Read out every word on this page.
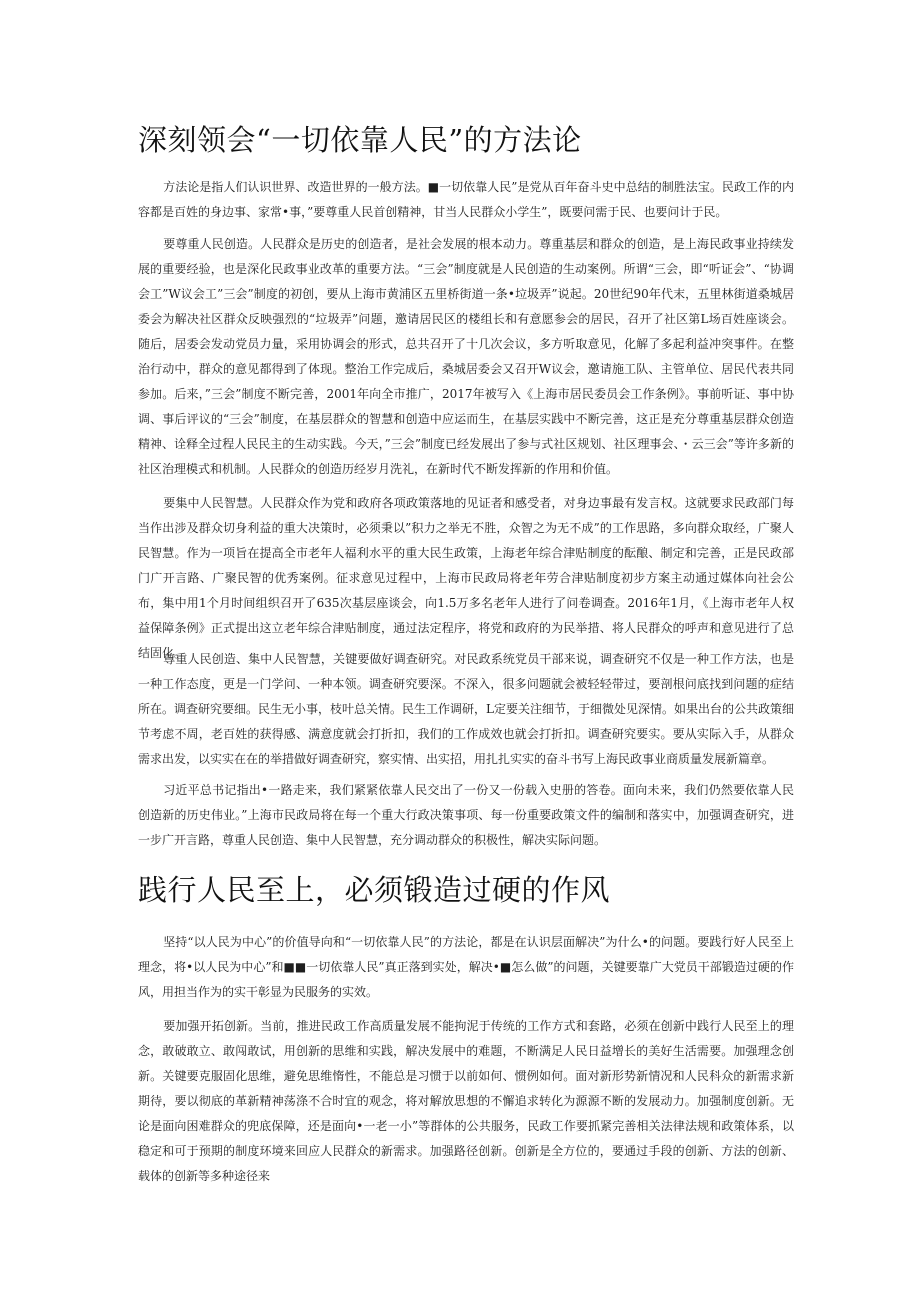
深刻领会“一切依靠人民”的方法论

方法论是指人们认识世界、改造世界的一般方法。■一切依靠人民”是党从百年奋斗史中总结的制胜法宝。民政工作的内容都是百姓的身边事、家常•事，”要尊重人民首创精神，甘当人民群众小学生”，既要问需于民、也要问计于民。

要尊重人民创造。人民群众是历史的创造者，是社会发展的根本动力。尊重基层和群众的创造，是上海民政事业持续发展的重要经验，也是深化民政事业改革的重要方法。“三会”制度就是人民创造的生动案例。所谓“三会，即“听证会”、“协调会工”W议会工”三会”制度的初创，要从上海市黄浦区五里桥街道一条•垃圾弄”说起。20世纪90年代末，五里林街道桑城居委会为解决社区群众反映强烈的“垃圾弄”问题，邀请居民区的楼组长和有意愿参会的居民，召开了社区第L场百姓座谈会。随后，居委会发动党员力量，采用协调会的形式，总共召开了十几次会议，多方听取意见，化解了多起利益冲突事件。在整治行动中，群众的意见都得到了体现。整治工作完成后，桑城居委会又召开W议会，邀请施工队、主管单位、居民代表共同参加。后来，”三会”制度不断完善，2001年向全市推广，2017年被写入《上海市居民委员会工作条例》。事前听证、事中协调、事后评议的“三会”制度，在基层群众的智慧和创造中应运而生，在基层实践中不断完善，这正是充分尊重基层群众创造精神、诠释全过程人民民主的生动实践。今天，”三会”制度已经发展出了参与式社区规划、社区理事会、・云三会”等许多新的社区治理模式和机制。人民群众的创造历经岁月洗礼，在新时代不断发挥新的作用和价值。

要集中人民智慧。人民群众作为党和政府各项政策落地的见证者和感受者，对身边事最有发言权。这就要求民政部门每当作出涉及群众切身利益的重大决策时，必须秉以”积力之举无不胜，众智之为无不成”的工作思路，多向群众取经，广聚人民智慧。作为一项旨在提高全市老年人福利水平的重大民生政策，上海老年综合津贴制度的酝酿、制定和完善，正是民政部门广开言路、广聚民智的优秀案例。征求意见过程中，上海市民政局将老年劳合津贴制度初步方案主动通过媒体向社会公布，集中用1个月时间组织召开了635次基层座谈会，向1.5万多名老年人进行了问卷调查。2016年1月，《上海市老年人权益保障条例》正式提出这立老年综合津贴制度，通过法定程序，将党和政府的为民举措、将人民群众的呼声和意见进行了总结固化。

尊重人民创造、集中人民智慧，关键要做好调查研究。对民政系统党员干部来说，调查研究不仅是一种工作方法，也是一种工作态度，更是一门学问、一种本领。调查研究要深。不深入，很多问题就会被轻轻带过，要剖根问底找到问题的症结所在。调查研究要细。民生无小事，枝叶总关情。民生工作调研，L定要关注细节，于细微处见深情。如果出台的公共政策细节考虑不周，老百姓的获得感、满意度就会打折扣，我们的工作成效也就会打折扣。调查研究要实。要从实际入手，从群众需求出发，以实实在在的举措做好调查研究，察实情、出实招，用扎扎实实的奋斗书写上海民政事业商质量发展新篇章。

习近平总书记指出•一路走来，我们紧紧依靠人民交出了一份又一份载入史册的答卷。面向未来，我们仍然要依靠人民创造新的历史伟业。”上海市民政局将在每一个重大行政决策事项、每一份重要政策文件的编制和落实中，加强调查研究，进一步广开言路，尊重人民创造、集中人民智慧，充分调动群众的积极性，解决实际问题。

践行人民至上，必须锻造过硬的作风

坚持“以人民为中心”的价值导向和“一切依靠人民”的方法论，都是在认识层面解决”为什么•的问题。要践行好人民至上理念，将•以人民为中心”和■■一切依靠人民”真正落到实处，解决•■怎么做”的问题，关键要靠广大党员干部锻造过硬的作风，用担当作为的实干彰显为民服务的实效。

要加强开拓创新。当前，推进民政工作高质量发展不能拘泥于传统的工作方式和套路，必须在创新中践行人民至上的理念，敢破敢立、敢闯敢试，用创新的思维和实践，解决发展中的难题，不断满足人民日益增长的美好生活需要。加强理念创新。关键要克服固化思维，避免思维惰性，不能总是习惯于以前如何、惯例如何。面对新形势新情况和人民科众的新需求新期待，要以彻底的革新精神荡涤不合时宜的观念，将对解放思想的不懈追求转化为源源不断的发展动力。加强制度创新。无论是面向困难群众的兜底保障，还是面向•一老一小”等群体的公共服务，民政工作要抓紧完善相关法律法规和政策体系，以稳定和可于预期的制度环境来回应人民群众的新需求。加强路径创新。创新是全方位的，要通过手段的创新、方法的创新、载体的创新等多种途径来
